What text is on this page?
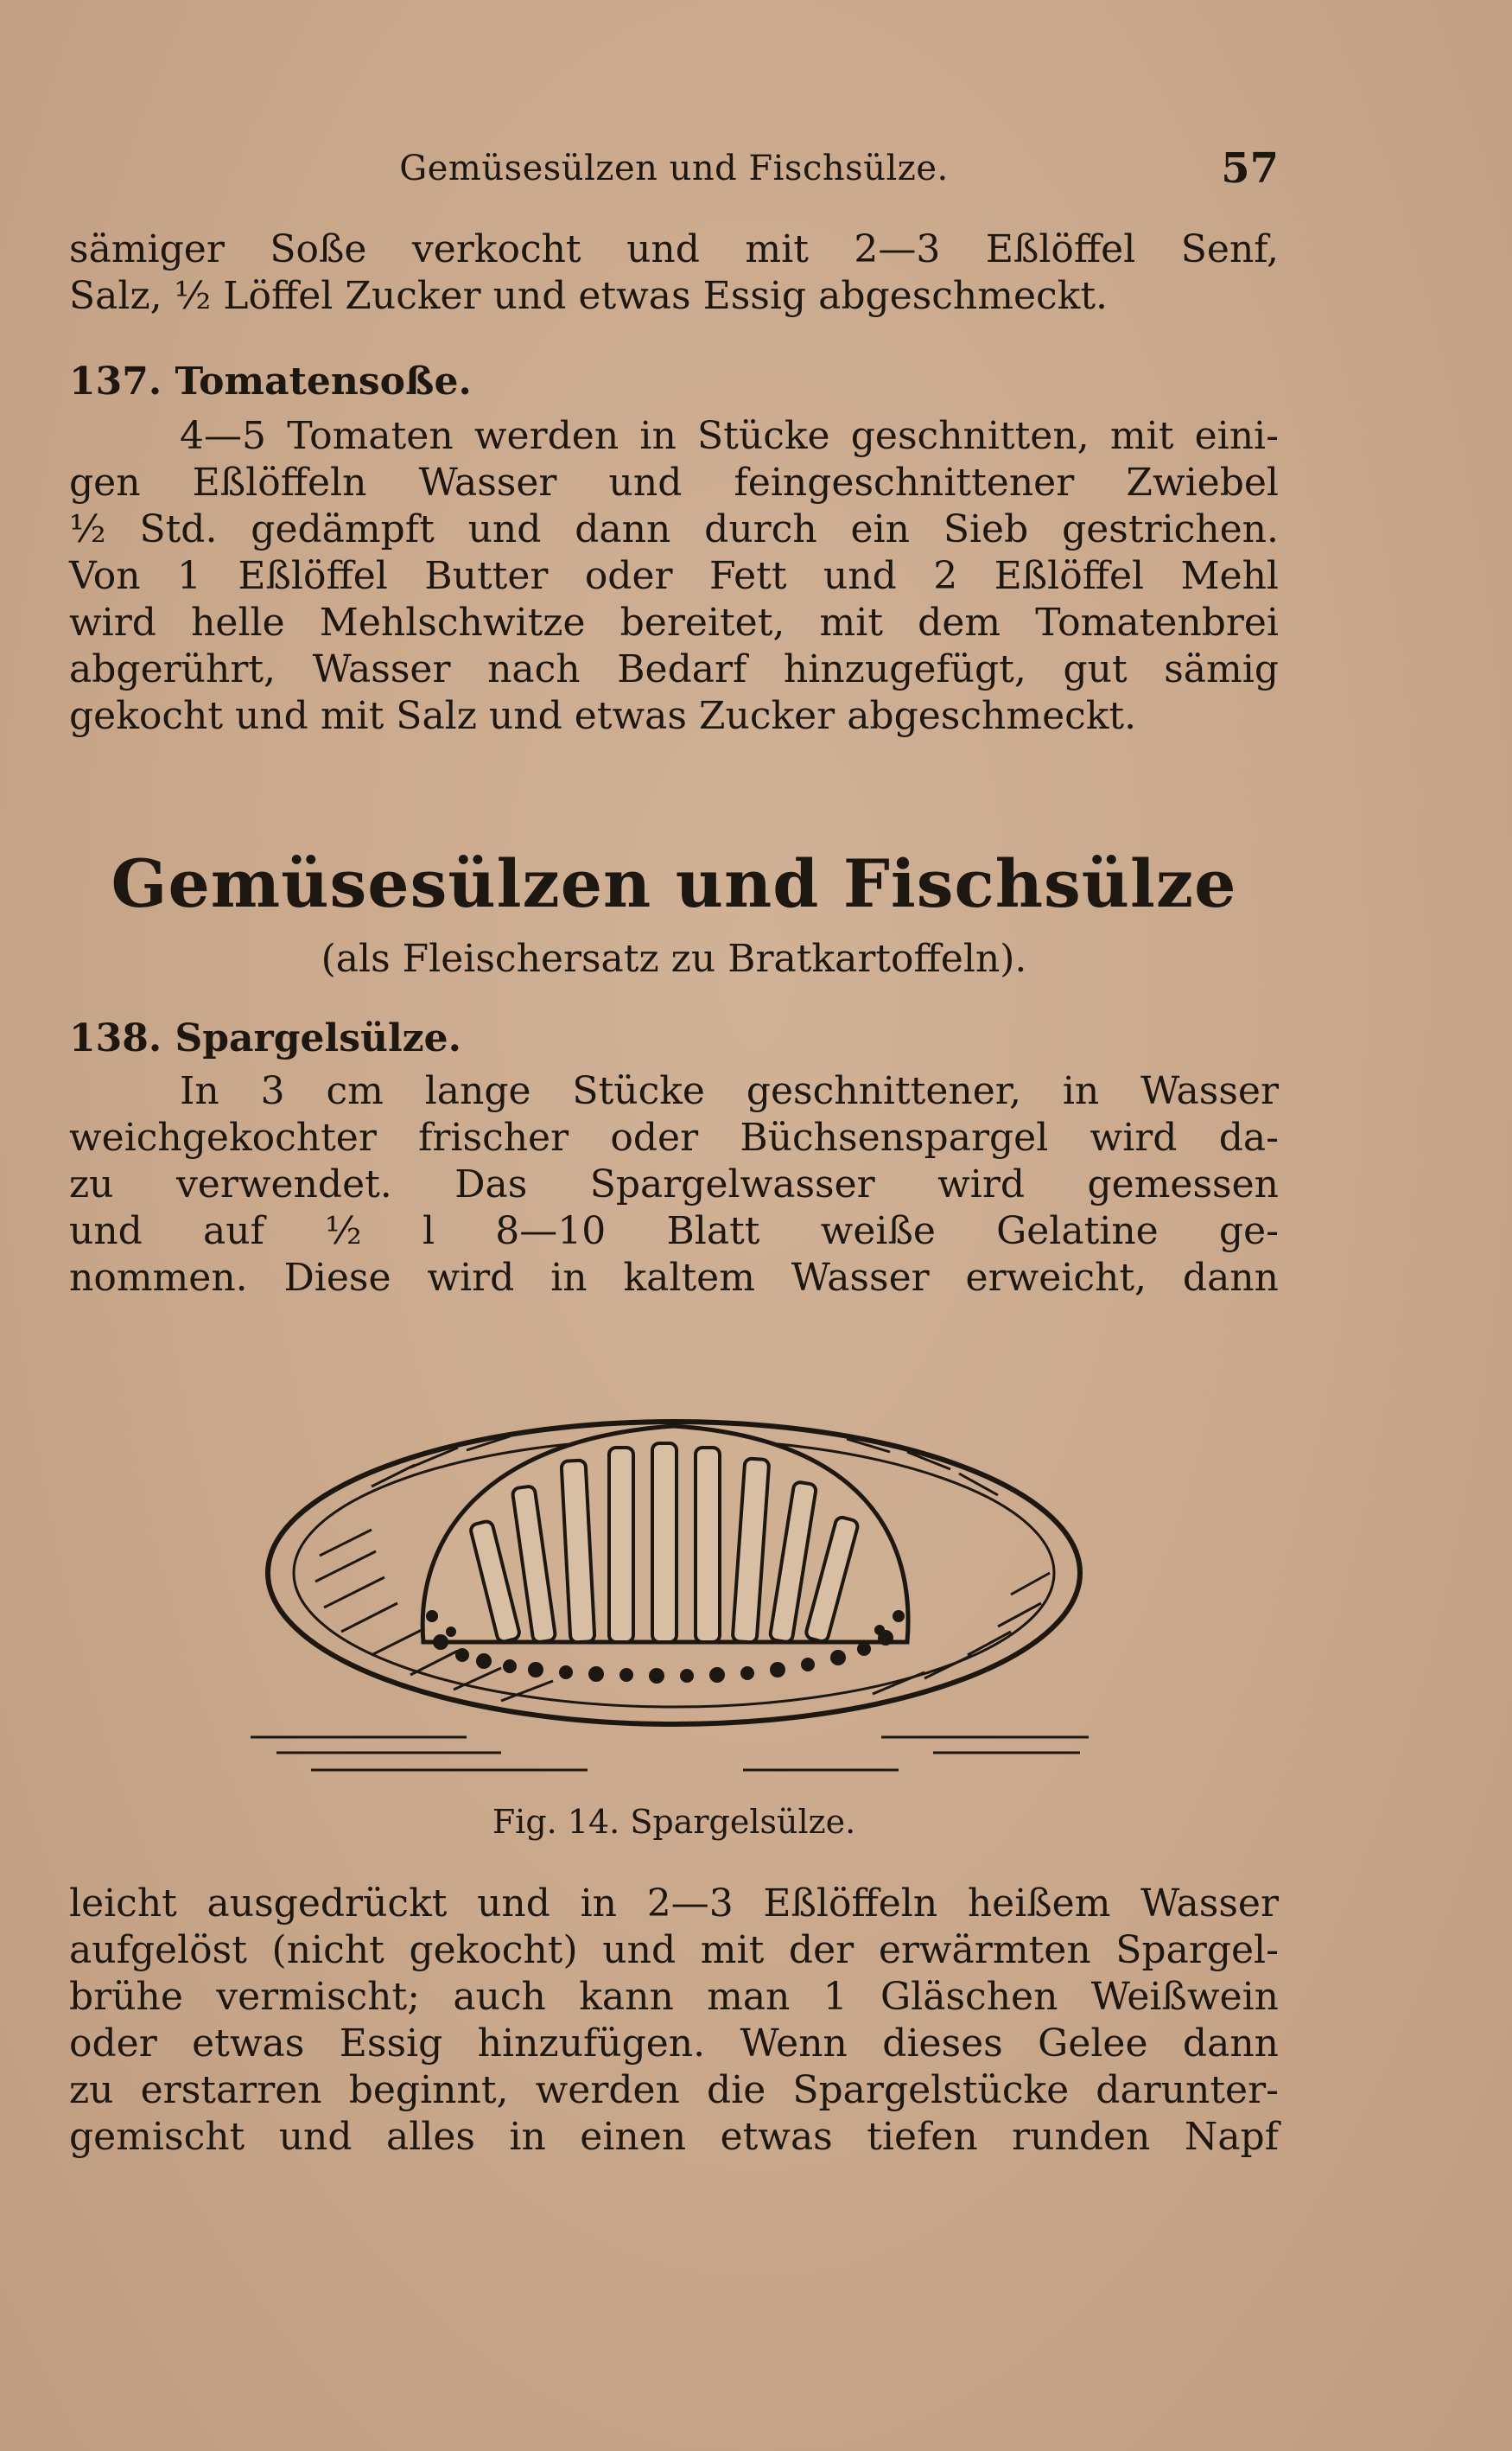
Gemüsesülzen und Fischsülze.	57
sämiger Soße verkocht und mit 2—3 Eßlöffel Senf,
Salz, ½ Löffel Zucker und etwas Essig abgeschmeckt.
137. Tomatensoße.
4—5 Tomaten werden in Stücke geschnitten, mit eini-
gen Eßlöffeln Wasser und feingeschnittener Zwiebel
½ Std. gedämpft und dann durch ein Sieb gestrichen.
Von 1 Eßlöffel Butter oder Fett und 2 Eßlöffel Mehl
wird helle Mehlschwitze bereitet, mit dem Tomatenbrei
abgerührt, Wasser nach Bedarf hinzugefügt, gut sämig
gekocht und mit Salz und etwas Zucker abgeschmeckt.
Gemüsesülzen und Fischsülze
(als Fleischersatz zu Bratkartoffeln).
138. Spargelsülze.
In 3 cm lange Stücke geschnittener, in Wasser
weichgekochter frischer oder Büchsenspargel wird da-
zu verwendet. Das Spargelwasser wird gemessen
und auf ½ l 8—10 Blatt weiße Gelatine ge-
nommen. Diese wird in kaltem Wasser erweicht, dann
Fig. 14. Spargelsülze.
leicht ausgedrückt und in 2—3 Eßlöffeln heißem Wasser
aufgelöst (nicht gekocht) und mit der erwärmten Spargel-
brühe vermischt; auch kann man 1 Gläschen Weißwein
oder etwas Essig hinzufügen. Wenn dieses Gelee dann
zu erstarren beginnt, werden die Spargelstücke darunter-
gemischt und alles in einen etwas tiefen runden Napf
